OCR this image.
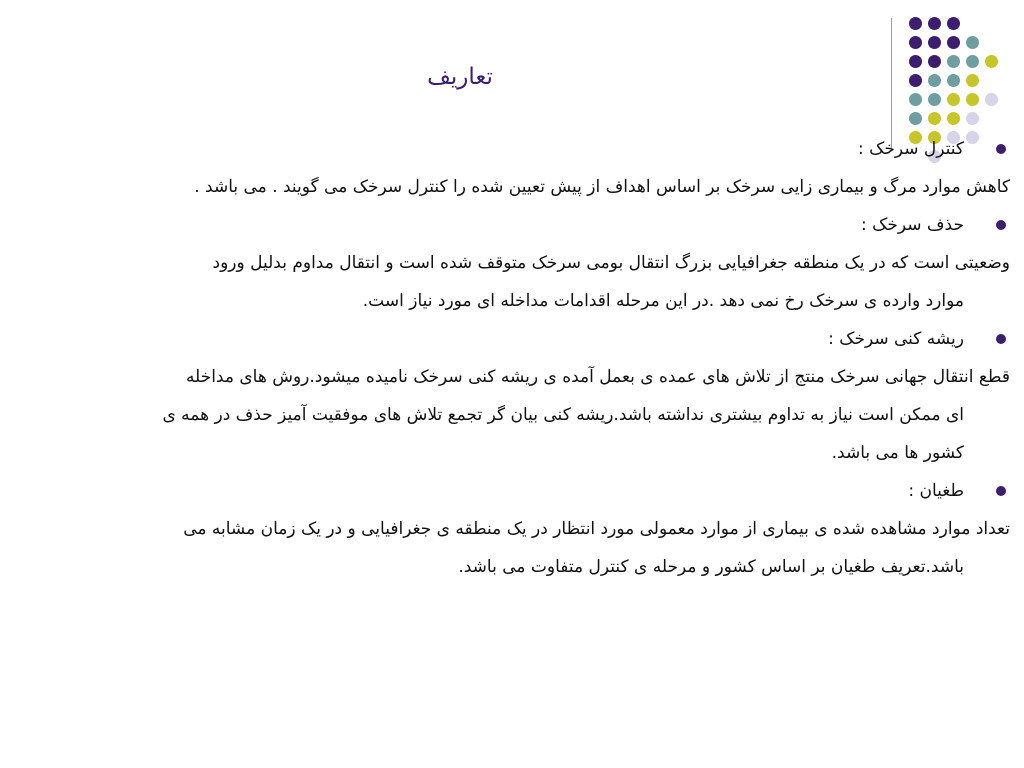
تعاریف
کنترل سرخک :
کاهش موارد مرگ و بیماری زایی سرخک بر اساس اهداف از پیش تعیین شده را کنترل سرخک می گویند . می باشد .
حذف سرخک :
وضعیتی است که در یک منطقه جغرافیایی بزرگ انتقال بومی سرخک متوقف شده است و انتقال مداوم بدلیل ورود
موارد وارده ی سرخک رخ نمی دهد .در این مرحله اقدامات مداخله ای مورد نیاز است.
ریشه کنی سرخک :
قطع انتقال جهانی سرخک منتج از تلاش های عمده ی بعمل آمده ی ریشه کنی سرخک نامیده میشود.روش های مداخله
ای ممکن است نیاز به تداوم بیشتری نداشته باشد.ریشه کنی بیان گر تجمع تلاش های موفقیت آمیز حذف در همه ی
کشور ها می باشد.
طغیان :
تعداد موارد مشاهده شده ی بیماری از موارد معمولی مورد انتظار در یک منطقه ی جغرافیایی و در یک زمان مشابه می
باشد.تعریف طغیان بر اساس کشور و مرحله ی کنترل متفاوت می باشد.
